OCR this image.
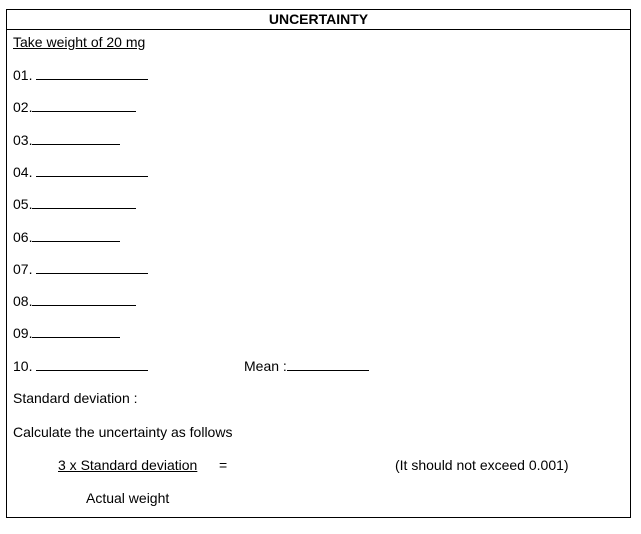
UNCERTAINTY
Take weight of 20 mg
01.
02.
03.
04.
05.
06.
07.
08.
09.
10.	Mean :
Standard deviation :
Calculate the uncertainty as follows
3 x Standard deviation =	(It should not exceed 0.001)
Actual weight
